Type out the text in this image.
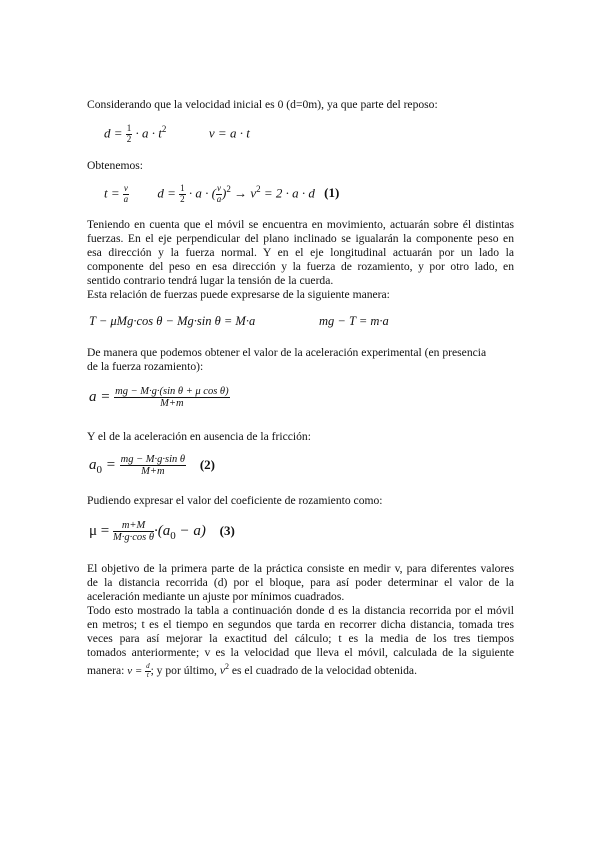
Considerando que la velocidad inicial es 0 (d=0m), ya que parte del reposo:
$d = \frac{1}{2} \cdot a \cdot t^2$	v = a · t
Obtenemos:
$t = \frac{v}{a}$ $d = \frac{1}{2} \cdot a$ · ( $\frac{v}{a} )^2 \to v^2 = 2 \cdot a \cdot d$ (1)
Teniendo en cuenta que el móvil se encuentra en movimiento, actuarán sobre él distintas
fuerzas. En el eje perpendicular del plano inclinado se igualarán la componente peso en
esa dirección y la fuerza normal. Y en el eje longitudinal actuarán por un lado la
componente del peso en esa dirección y la fuerza de rozamiento, y por otro lado, en
sentido contrario tendrá lugar la tensión de la cuerda.
Esta relación de fuerzas puede expresarse de la siguiente manera:
T − μMg·cos θ − Mg·sin θ = M·a	mg − T = m·a
De manera que podemos obtener el valor de la aceleración experimental (en presencia
de la fuerza rozamiento):
$a = \frac{\text{mg − M·g·(sin θ + μ cos θ)}}{M+m}$
Y el de la aceleración en ausencia de la fricción:
$a_0 = \frac{\text{mg − M·g·sin θ}}{M+m} (2)$
Pudiendo expresar el valor del coeficiente de rozamiento como:
$\mu = \frac{m+M}{\text{M·g·cos θ}} \cdot(a_0 - a)$ (3)
El objetivo de la primera parte de la práctica consiste en medir v, para diferentes valores
de la distancia recorrida (d) por el bloque, para así poder determinar el valor de la
aceleración mediante un ajuste por mínimos cuadrados.
Todo esto mostrado la tabla a continuación donde d es la distancia recorrida por el móvil
en metros; t es el tiempo en segundos que tarda en recorrer dicha distancia, tomada tres
veces para así mejorar la exactitud del cálculo; t es la media de los tres tiempos
tomados anteriormente; v es la velocidad que lleva el móvil, calculada de la siguiente
manera: $v = \frac{d}{t}$ ; y por último, $v^2$ es el cuadrado de la velocidad obtenida.
